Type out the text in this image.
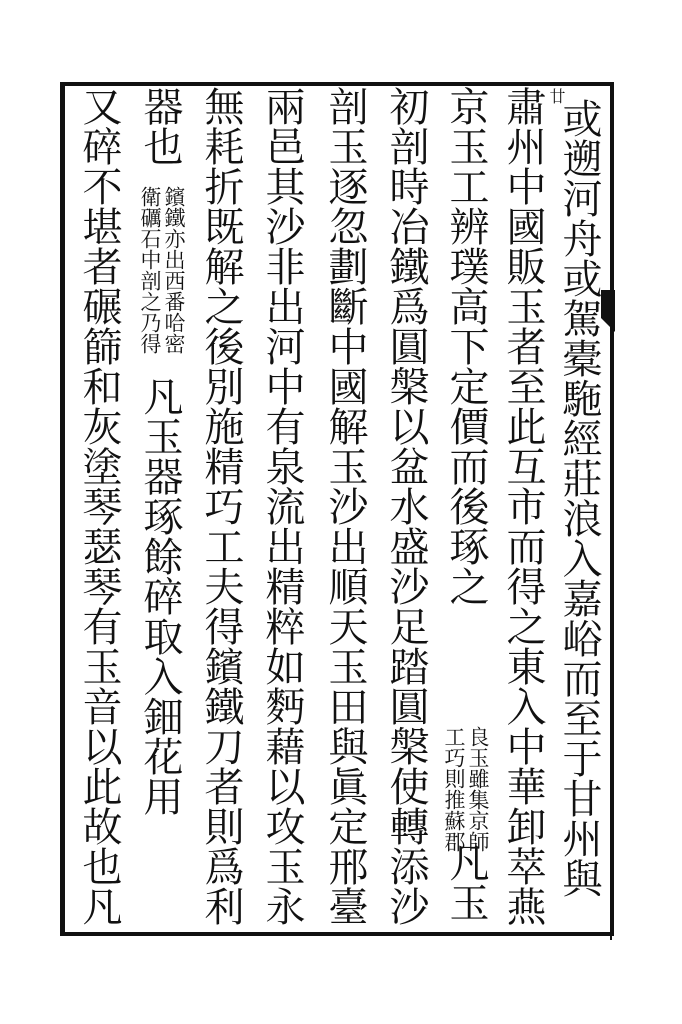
廿
或遡河舟或駕橐駞經莊浪入嘉峪而至于甘州與
肅州中國販玉者至此互市而得之東入中華卸萃燕
京玉工辨璞高下定價而後琢之
良玉雖集京師
工巧則推蘇郡
凡玉
初剖時冶鐵爲圓槃以盆水盛沙足踏圓槃使轉添沙
剖玉逐忽劃斷中國解玉沙出順天玉田與眞定邢臺
兩邑其沙非出河中有泉流出精粹如麪藉以攻玉永
無耗折既解之後別施精巧工夫得鑌鐵刀者則爲利
器也
鑌鐵亦出西番哈密
衛礪石中剖之乃得
凡玉器琢餘碎取入鈿花用
又碎不堪者碾篩和灰塗琴瑟琴有玉音以此故也凡
